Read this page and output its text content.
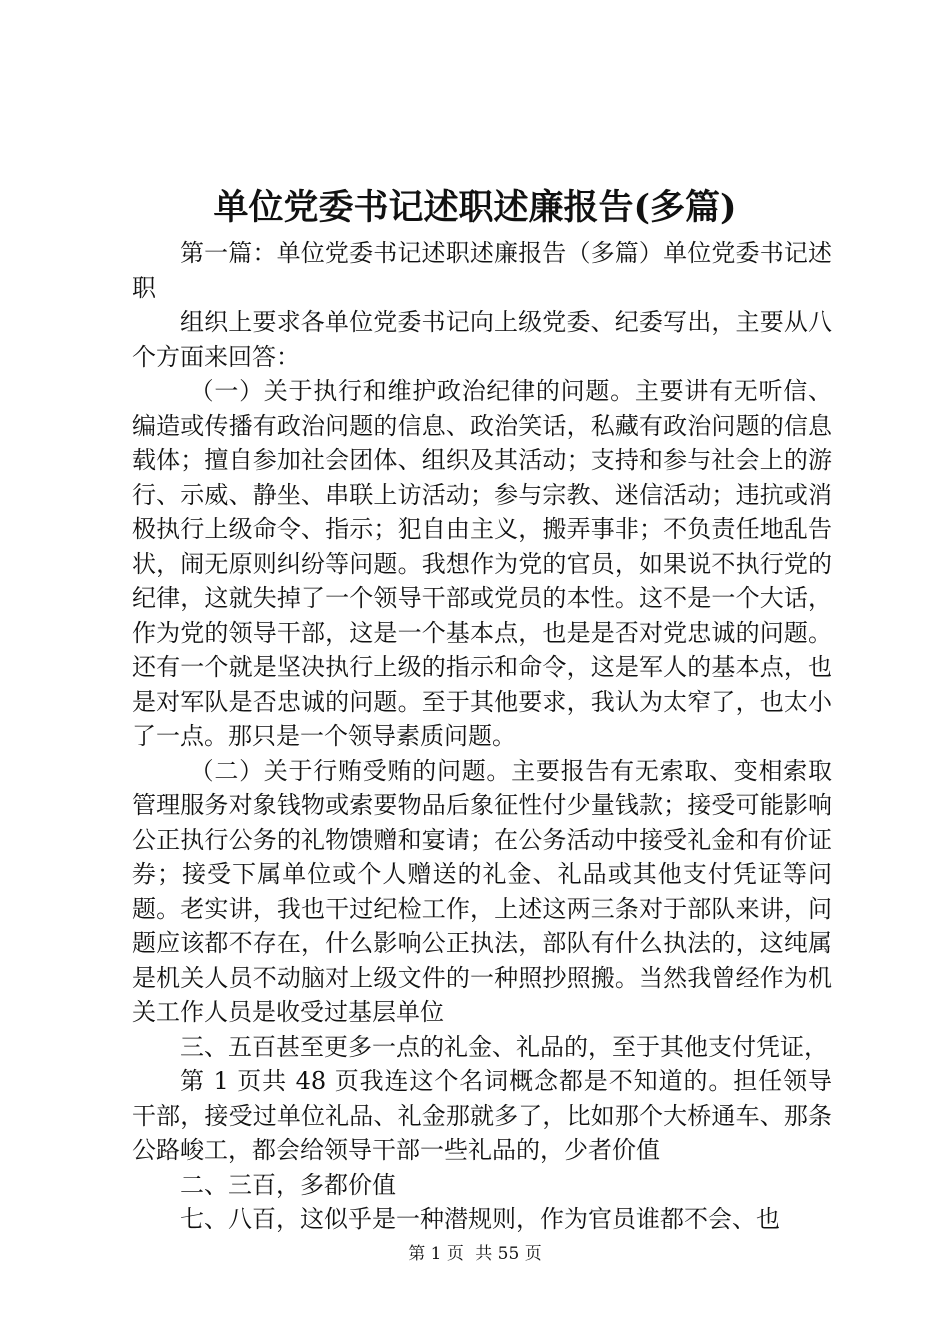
单位党委书记述职述廉报告(多篇)

第一篇：单位党委书记述职述廉报告（多篇）单位党委书记述职

组织上要求各单位党委书记向上级党委、纪委写出，主要从八个方面来回答：

（一）关于执行和维护政治纪律的问题。主要讲有无听信、编造或传播有政治问题的信息、政治笑话，私藏有政治问题的信息载体；擅自参加社会团体、组织及其活动；支持和参与社会上的游行、示威、静坐、串联上访活动；参与宗教、迷信活动；违抗或消极执行上级命令、指示；犯自由主义，搬弄事非；不负责任地乱告状，闹无原则纠纷等问题。我想作为党的官员，如果说不执行党的纪律，这就失掉了一个领导干部或党员的本性。这不是一个大话，作为党的领导干部，这是一个基本点，也是是否对党忠诚的问题。还有一个就是坚决执行上级的指示和命令，这是军人的基本点，也是对军队是否忠诚的问题。至于其他要求，我认为太窄了，也太小了一点。那只是一个领导素质问题。

（二）关于行贿受贿的问题。主要报告有无索取、变相索取管理服务对象钱物或索要物品后象征性付少量钱款；接受可能影响公正执行公务的礼物馈赠和宴请；在公务活动中接受礼金和有价证券；接受下属单位或个人赠送的礼金、礼品或其他支付凭证等问题。老实讲，我也干过纪检工作，上述这两三条对于部队来讲，问题应该都不存在，什么影响公正执法，部队有什么执法的，这纯属是机关人员不动脑对上级文件的一种照抄照搬。当然我曾经作为机关工作人员是收受过基层单位

三、五百甚至更多一点的礼金、礼品的，至于其他支付凭证，

第 1 页共 48 页我连这个名词概念都是不知道的。担任领导干部，接受过单位礼品、礼金那就多了，比如那个大桥通车、那条公路峻工，都会给领导干部一些礼品的，少者价值

二、三百，多都价值

七、八百，这似乎是一种潜规则，作为官员谁都不会、也

第 1 页 共 55 页
